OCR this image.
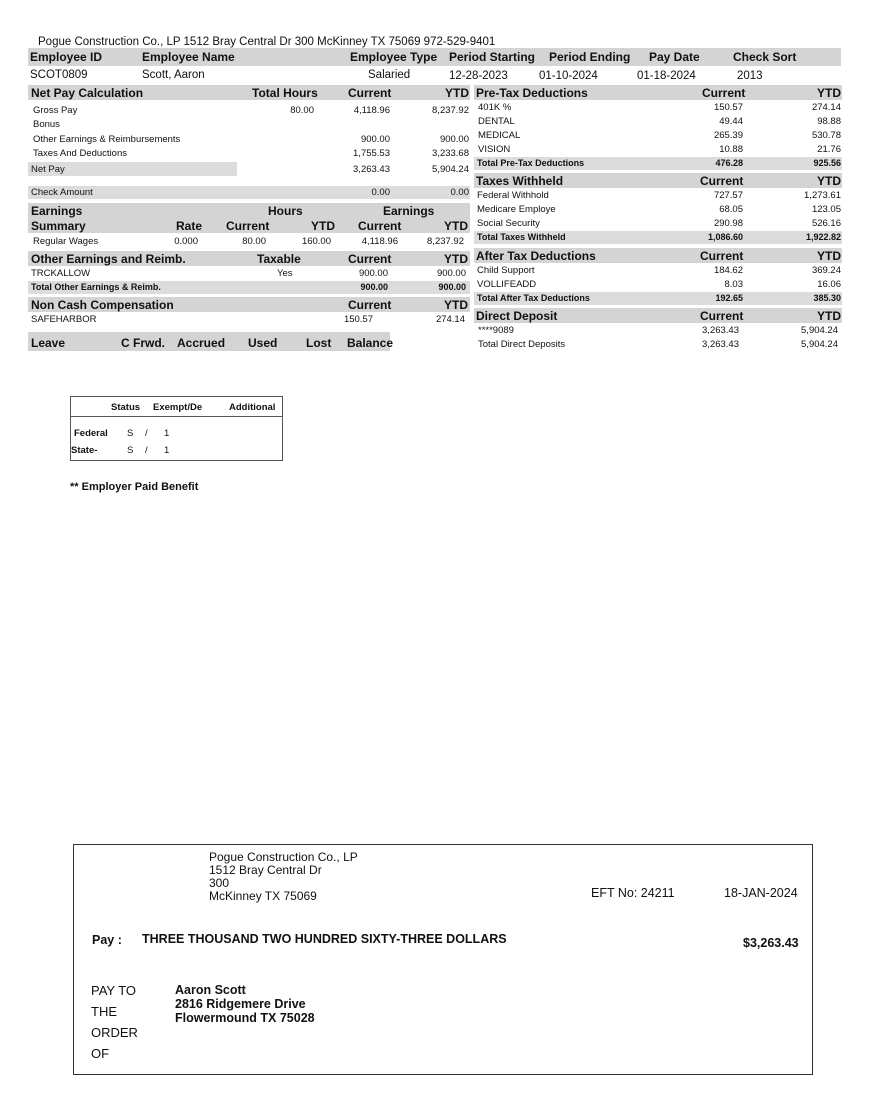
Pogue Construction Co., LP 1512 Bray Central Dr 300 McKinney TX 75069 972-529-9401
Employee ID	Employee Name	Employee Type Period Starting Period Ending Pay Date	Check Sort
SCOT0809	Scott, Aaron	Salaried	12-28-2023	01-10-2024	01-18-2024	2013
Net Pay Calculation	Total Hours	Current	YTD
Gross Pay	80.00	4,118.96	8,237.92
Bonus
Other Earnings & Reimbursements	900.00	900.00
Taxes And Deductions	1,755.53	3,233.68
Net Pay	3,263.43	5,904.24
Check Amount	0.00	0.00
Earnings	Hours	Earnings
Summary	Rate Current	YTD Current	YTD
Regular Wages	0.000	80.00	160.00	4,118.96	8,237.92
Other Earnings and Reimb.	Taxable	Current	YTD
TRCKALLOW	Yes	900.00	900.00
Total Other Earnings & Reimb.	900.00	900.00
Non Cash Compensation	Current	YTD
SAFEHARBOR	150.57	274.14
Leave	C Frwd. Accrued Used Lost Balance
Pre-Tax Deductions	Current	YTD
401K %	150.57	274.14
DENTAL	49.44	98.88
MEDICAL	265.39	530.78
VISION	10.88	21.76
Total Pre-Tax Deductions	476.28	925.56
Taxes Withheld	Current	YTD
Federal Withhold	727.57	1,273.61
Medicare Employe	68.05	123.05
Social Security	290.98	526.16
Total Taxes Withheld	1,086.60	1,922.82
After Tax Deductions	Current	YTD
Child Support	184.62	369.24
VOLLIFEADD	8.03	16.06
Total After Tax Deductions	192.65	385.30
Direct Deposit	Current	YTD
****9089	3,263.43	5,904.24
Total Direct Deposits	3,263.43	5,904.24
Status Exempt/De	Additional
Federal S / 1
State-	S / 1
** Employer Paid Benefit
Pogue Construction Co., LP
1512 Bray Central Dr
300
McKinney TX 75069	EFT No: 24211	18-JAN-2024
Pay : THREE THOUSAND TWO HUNDRED SIXTY-THREE DOLLARS	$3,263.43
PAY TO
THE
ORDER
OF
Aaron Scott
2816 Ridgemere Drive
Flowermound TX 75028
